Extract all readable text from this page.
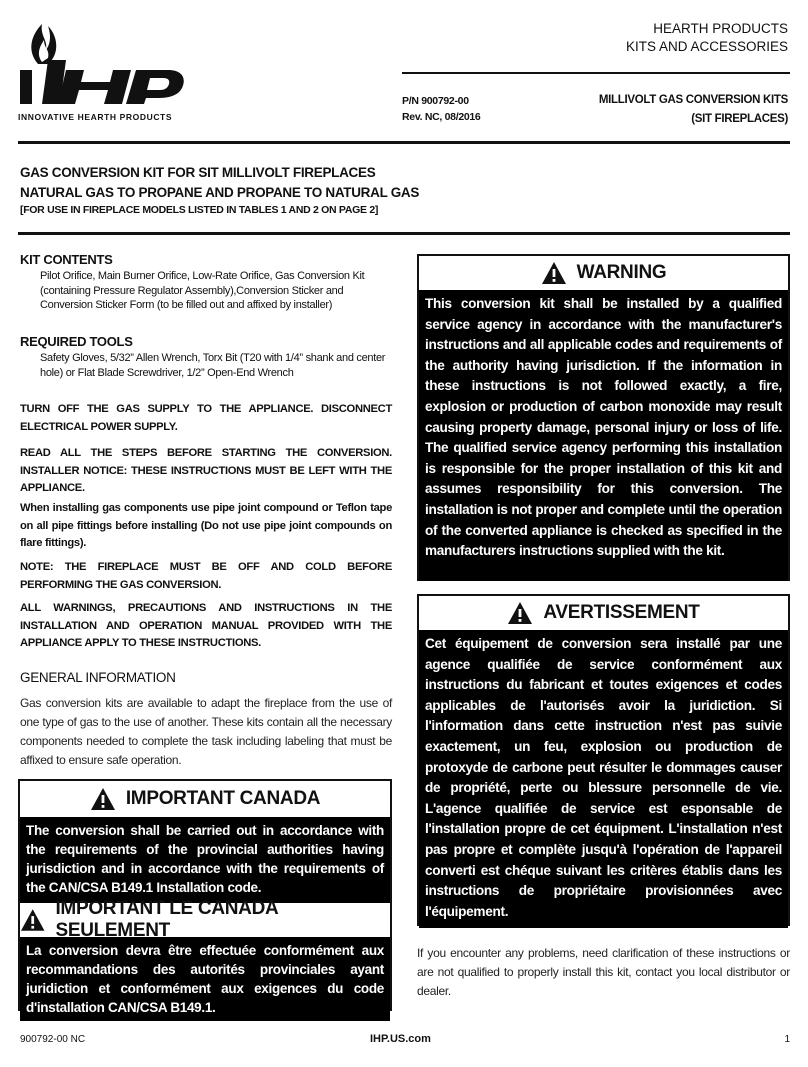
INNOVATIVE HEARTH PRODUCTS
HEARTH PRODUCTS
KITS AND ACCESSORIES
P/N 900792-00
Rev. NC, 08/2016
MILLIVOLT GAS CONVERSION KITS
(SIT FIREPLACES)
GAS CONVERSION KIT FOR SIT MILLIVOLT FIREPLACES
NATURAL GAS TO PROPANE AND PROPANE TO NATURAL GAS
[FOR USE IN FIREPLACE MODELS LISTED IN TABLES 1 AND 2 ON PAGE 2]
KIT CONTENTS
Pilot Orifice, Main Burner Orifice, Low-Rate Orifice, Gas Conversion Kit (containing Pressure Regulator Assembly),Conversion Sticker and Conversion Sticker Form (to be filled out and affixed by installer)
REQUIRED TOOLS
Safety Gloves, 5/32” Allen Wrench, Torx Bit (T20 with 1/4” shank and center hole) or Flat Blade Screwdriver, 1/2” Open-End Wrench
TURN OFF THE GAS SUPPLY TO THE APPLIANCE. DISCONNECT ELECTRICAL POWER SUPPLY.
READ ALL THE STEPS BEFORE STARTING THE CONVERSION. INSTALLER NOTICE: THESE INSTRUCTIONS MUST BE LEFT WITH THE APPLIANCE.
When installing gas components use pipe joint compound or Teflon tape on all pipe fittings before installing (Do not use pipe joint compounds on flare fittings).
NOTE: THE FIREPLACE MUST BE OFF AND COLD BEFORE PERFORMING THE GAS CONVERSION.
ALL WARNINGS, PRECAUTIONS AND INSTRUCTIONS IN THE INSTALLATION AND OPERATION MANUAL PROVIDED WITH THE APPLIANCE APPLY TO THESE INSTRUCTIONS.
GENERAL INFORMATION
Gas conversion kits are available to adapt the fireplace from the use of one type of gas to the use of another. These kits contain all the necessary components needed to complete the task including labeling that must be affixed to ensure safe operation.
IMPORTANT CANADA
The conversion shall be carried out in accordance with the requirements of the provincial authorities having jurisdiction and in accordance with the requirements of the CAN/CSA B149.1 Installation code.
IMPORTANT LE CANADA SEULEMENT
La conversion devra être effectuée conformément aux recommandations des autorités provinciales ayant juridiction et conformément aux exigences du code d'installation CAN/CSA B149.1.
WARNING
This conversion kit shall be installed by a qualified service agency in accordance with the manufacturer's instructions and all applicable codes and requirements of the authority having jurisdiction. If the information in these instructions is not followed exactly, a fire, explosion or production of carbon monoxide may result causing property damage, personal injury or loss of life. The qualified service agency performing this installation is responsible for the proper installation of this kit and assumes responsibility for this conversion. The installation is not proper and complete until the operation of the converted appliance is checked as specified in the manufacturers instructions supplied with the kit.
AVERTISSEMENT
Cet équipement de conversion sera installé par une agence qualifiée de service conformément aux instructions du fabricant et toutes exigences et codes applicables de l'autorisés avoir la juridiction. Si l'information dans cette instruction n'est pas suivie exactement, un feu, explosion ou production de protoxyde de carbone peut résulter le dommages causer de propriété, perte ou blessure personnelle de vie. L'agence qualifiée de service est esponsable de l'installation propre de cet équipment. L'installation n'est pas propre et complète jusqu'à l'opération de l'appareil converti est chéque suivant les critères établis dans les instructions de propriétaire provisionnées avec l'équipement.
If you encounter any problems, need clarification of these instructions or are not qualified to properly install this kit, contact you local distributor or dealer.
900792-00 NC	IHP.US.com	1
